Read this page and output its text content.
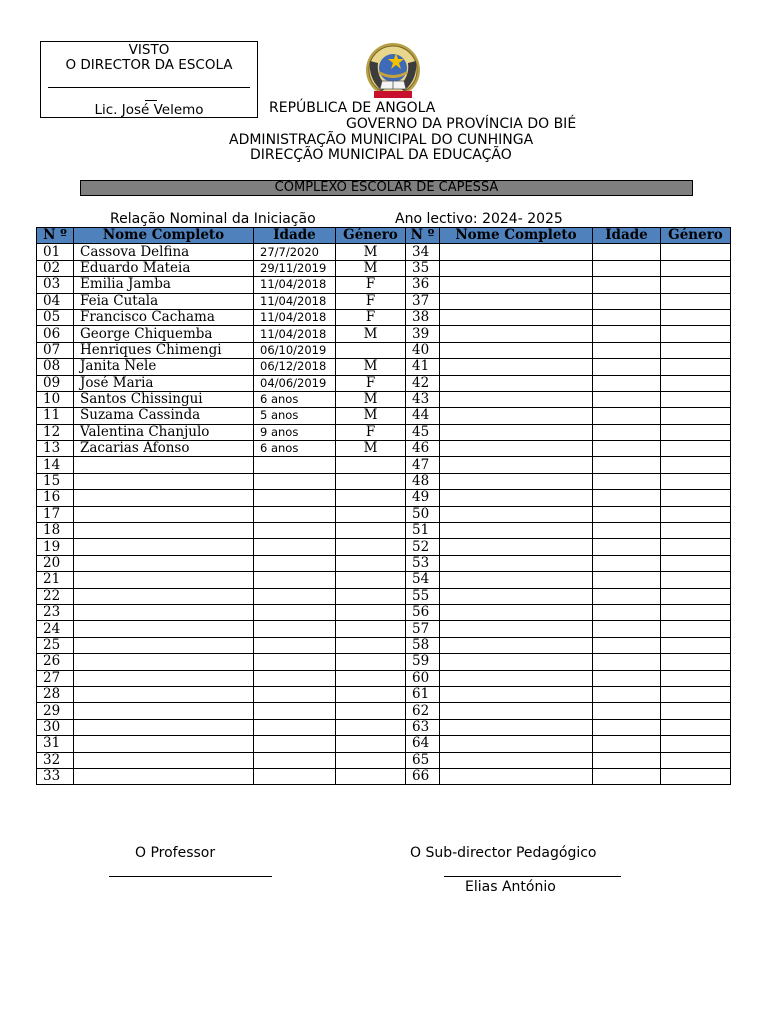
VISTO
O DIRECTOR DA ESCOLA
Lic. José Velemo	REPÚBLICA DE ANGOLA
GOVERNO DA PROVÍNCIA DO BIÉ
ADMINISTRAÇÃO MUNICIPAL DO CUNHINGA
DIRECÇÃO MUNICIPAL DA EDUCAÇÃO
COMPLEXO ESCOLAR DE CAPESSA
Relação Nominal da Iniciação	Ano lectivo: 2024- 2025
N º	Nome Completo	Idade	Género	N º	Nome Completo	Idade	Género
01	Cassova Delfina	27/7/2020	M	34			
02	Eduardo Mateia	29/11/2019	M	35			
03	Emilia Jamba	11/04/2018	F	36			
04	Feia Cutala	11/04/2018	F	37			
05	Francisco Cachama	11/04/2018	F	38			
06	George Chiquemba	11/04/2018	M	39			
07	Henriques Chimengi	06/10/2019		40			
08	Janita Nele	06/12/2018	M	41			
09	José Maria	04/06/2019	F	42			
10	Santos Chissingui	6 anos	M	43			
11	Suzama Cassinda	5 anos	M	44			
12	Valentina Chanjulo	9 anos	F	45			
13	Zacarias Afonso	6 anos	M	46			
14				47			
15				48			
16				49			
17				50			
18				51			
19				52			
20				53			
21				54			
22				55			
23				56			
24				57			
25				58			
26				59			
27				60			
28				61			
29				62			
30				63			
31				64			
32				65			
33				66			
O Professor	O Sub-director Pedagógico
Elias António
